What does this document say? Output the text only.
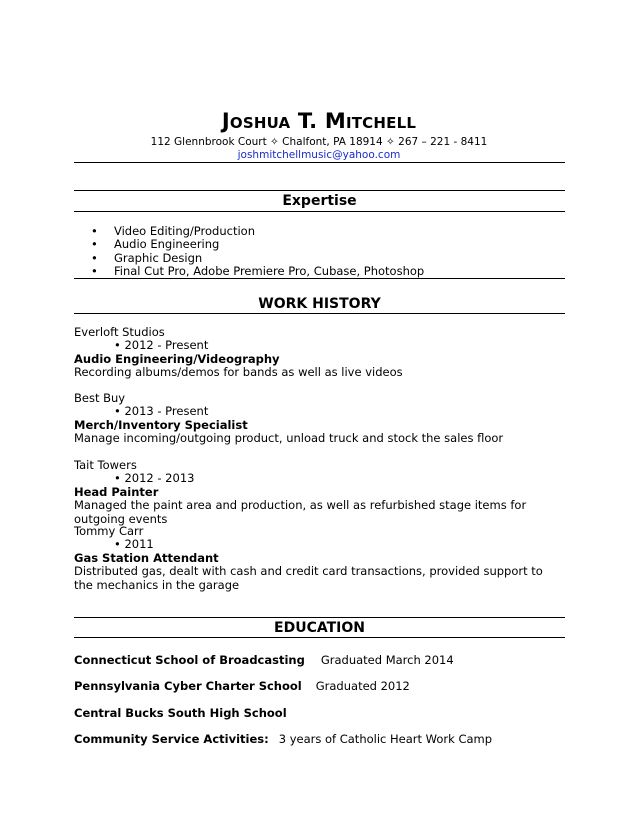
Joshua T. Mitchell
112 Glennbrook Court ✧ Chalfont, PA 18914 ✧ 267 – 221 - 8411
joshmitchellmusic@yahoo.com
Expertise
• Video Editing/Production
• Audio Engineering
• Graphic Design
• Final Cut Pro, Adobe Premiere Pro, Cubase, Photoshop
WORK HISTORY
Everloft Studios
• 2012 - Present
Audio Engineering/Videography
Recording albums/demos for bands as well as live videos
Best Buy
• 2013 - Present
Merch/Inventory Specialist
Manage incoming/outgoing product, unload truck and stock the sales floor
Tait Towers
• 2012 - 2013
Head Painter
Managed the paint area and production, as well as refurbished stage items for outgoing events
Tommy Carr
• 2011
Gas Station Attendant
Distributed gas, dealt with cash and credit card transactions, provided support to the mechanics in the garage
EDUCATION
Connecticut School of Broadcasting Graduated March 2014
Pennsylvania Cyber Charter School Graduated 2012
Central Bucks South High School
Community Service Activities: 3 years of Catholic Heart Work Camp
